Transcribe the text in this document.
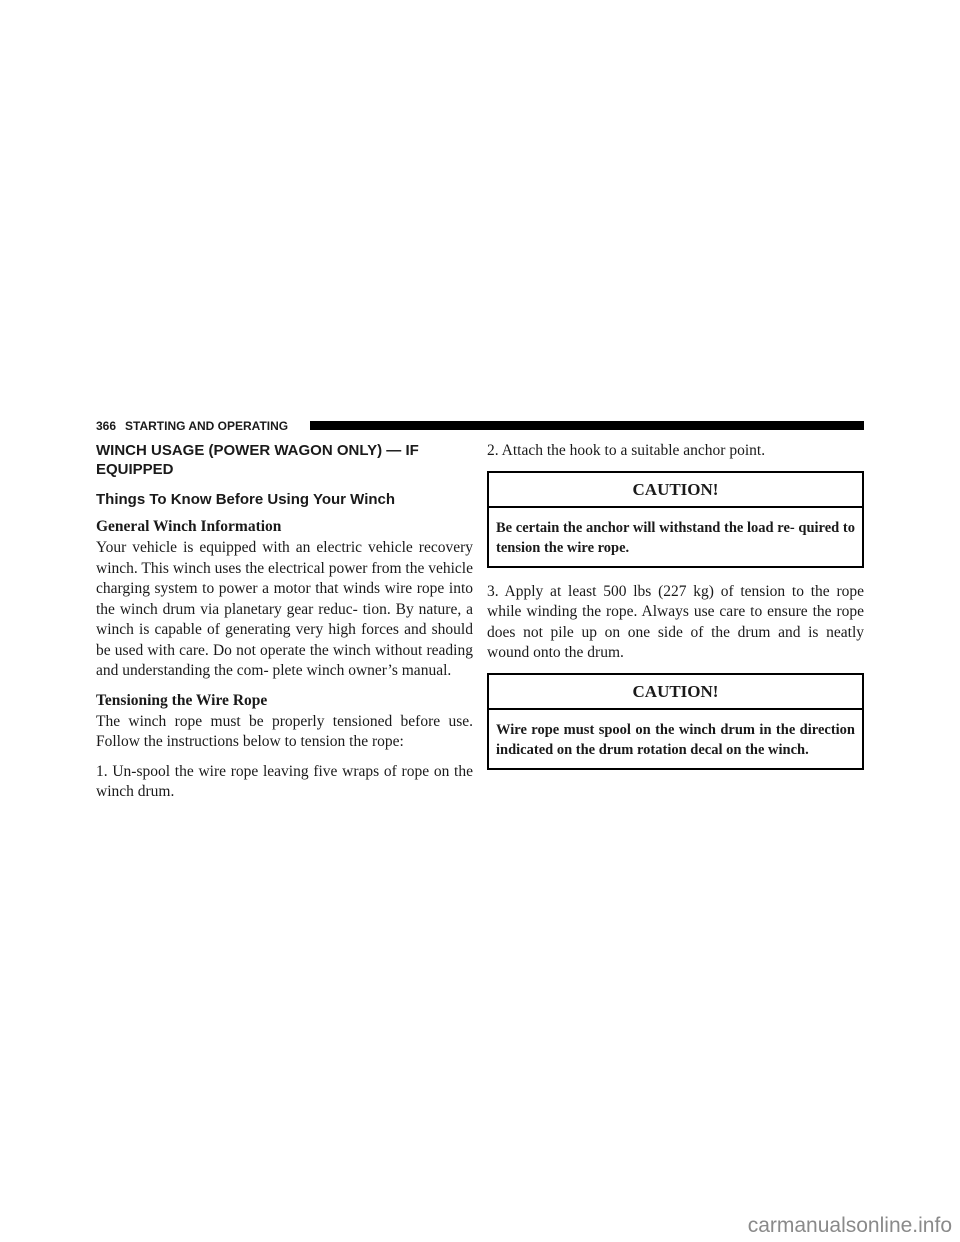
366 STARTING AND OPERATING
WINCH USAGE (POWER WAGON ONLY) — IF EQUIPPED
Things To Know Before Using Your Winch
General Winch Information
Your vehicle is equipped with an electric vehicle recovery winch. This winch uses the electrical power from the vehicle charging system to power a motor that winds wire rope into the winch drum via planetary gear reduc- tion. By nature, a winch is capable of generating very high forces and should be used with care. Do not operate the winch without reading and understanding the com- plete winch owner’s manual.
Tensioning the Wire Rope
The winch rope must be properly tensioned before use. Follow the instructions below to tension the rope:
1. Un-spool the wire rope leaving five wraps of rope on the winch drum.
2. Attach the hook to a suitable anchor point.
CAUTION!
Be certain the anchor will withstand the load re- quired to tension the wire rope.
3. Apply at least 500 lbs (227 kg) of tension to the rope while winding the rope. Always use care to ensure the rope does not pile up on one side of the drum and is neatly wound onto the drum.
CAUTION!
Wire rope must spool on the winch drum in the direction indicated on the drum rotation decal on the winch.
carmanualsonline.info
